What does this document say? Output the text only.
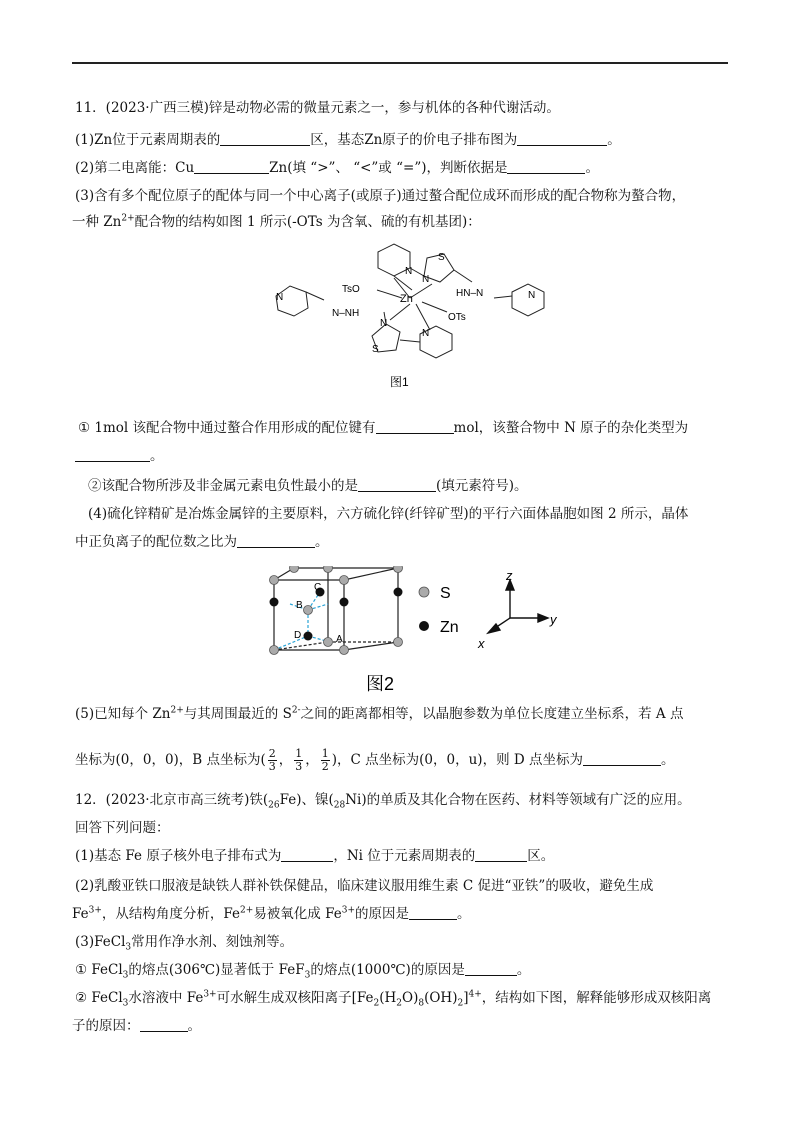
11．(2023·广西三模)锌是动物必需的微量元素之一，参与机体的各种代谢活动。
(1)Zn位于元素周期表的	区，基态Zn原子的价电子排布图为	。
(2)第二电离能：Cu	Zn(填 “>”、 “<”或 “=”)，判断依据是	。
(3)含有多个配位原子的配体与同一个中心离子(或原子)通过螯合配位成环而形成的配合物称为螯合物，
一种 $Zn^{2+}$配合物的结构如图 1 所示(-OTs 为含氧、硫的有机基团)：
N
S
N
HN–N	N
N
TsO
Zn
N–NH	OTs
N
S
N
图1
① 1mol 该配合物中通过螯合作用形成的配位键有	mol，该螯合物中 N 原子的杂化类型为
。
②该配合物所涉及非金属元素电负性最小的是	(填元素符号)。
(4)硫化锌精矿是冶炼金属锌的主要原料，六方硫化锌(纤锌矿型)的平行六面体晶胞如图 2 所示，晶体
中正负离子的配位数之比为	。
C
B
D	A
S
Zn
z
y
x
图2
(5)已知每个 $Zn^{2+}$与其周围最近的 $S^{2-}$之间的距离都相等，以晶胞参数为单位长度建立坐标系，若 A 点
坐标为(0，0，0)，B 点坐标为( $\frac{2}{3}$ ， $\frac{1}{3}$ ， $\frac{1}{2}$ )，C 点坐标为(0，0，u)，则 D 点坐标为	。
12．(2023·北京市高三统考)铁$(_{26}Fe)$、镍$(_{28}Ni)$的单质及其化合物在医药、材料等领域有广泛的应用。
回答下列问题：
(1)基态 Fe 原子核外电子排布式为	，Ni 位于元素周期表的	区。
(2)乳酸亚铁口服液是缺铁人群补铁保健品，临床建议服用维生素 C 促进“亚铁”的吸收，避免生成
$Fe^{3+}$，从结构角度分析，$Fe^{2+}$易被氧化成 $Fe^{3+}$的原因是	。
(3)FeCl$_3$常用作净水剂、刻蚀剂等。
① FeCl$_3$的熔点(306℃)显著低于 FeF$_3$的熔点(1000℃)的原因是	。
② FeCl$_3$水溶液中 $Fe^{3+}$可水解生成双核阳离子$[Fe_2(H_2O)_8(OH)_2]^{4+}$，结构如下图，解释能够形成双核阳离
子的原因：	。
